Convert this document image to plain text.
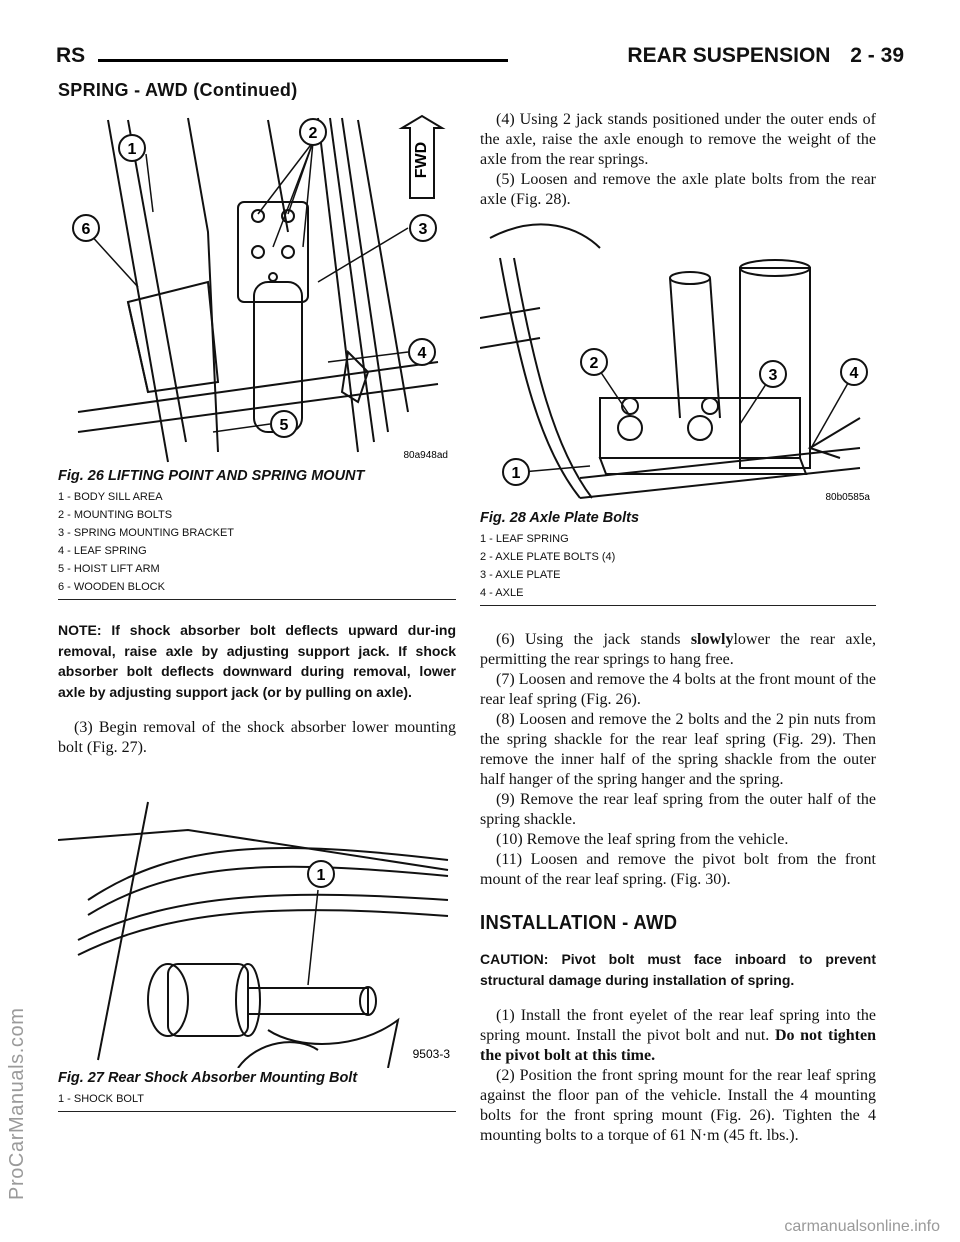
RS	REAR SUSPENSION 2 - 39
SPRING - AWD (Continued)
1
2
3
4
5
6
FWD
80a948ad
Fig. 26 LIFTING POINT AND SPRING MOUNT
1 - BODY SILL AREA
2 - MOUNTING BOLTS
3 - SPRING MOUNTING BRACKET
4 - LEAF SPRING
5 - HOIST LIFT ARM
6 - WOODEN BLOCK

NOTE: If shock absorber bolt deflects upward dur-ing removal, raise axle by adjusting support jack. If shock absorber bolt deflects downward during removal, lower axle by adjusting support jack (or by pulling on axle).

(3) Begin removal of the shock absorber lower mounting bolt (Fig. 27).

1
9503-3
Fig. 27 Rear Shock Absorber Mounting Bolt
1 - SHOCK BOLT

(4) Using 2 jack stands positioned under the outer ends of the axle, raise the axle enough to remove the weight of the axle from the rear springs.

(5) Loosen and remove the axle plate bolts from the rear axle (Fig. 28).

1
2
3	4
80b0585a
Fig. 28 Axle Plate Bolts
1 - LEAF SPRING
2 - AXLE PLATE BOLTS (4)
3 - AXLE PLATE
4 - AXLE

(6) Using the jack stands slowlylower the rear axle, permitting the rear springs to hang free.

(7) Loosen and remove the 4 bolts at the front mount of the rear leaf spring (Fig. 26).

(8) Loosen and remove the 2 bolts and the 2 pin nuts from the spring shackle for the rear leaf spring (Fig. 29). Then remove the inner half of the spring shackle from the outer half hanger of the spring hanger and the spring.

(9) Remove the rear leaf spring from the outer half of the spring shackle.

(10) Remove the leaf spring from the vehicle.

(11) Loosen and remove the pivot bolt from the front mount of the rear leaf spring. (Fig. 30).

INSTALLATION - AWD

CAUTION: Pivot bolt must face inboard to prevent structural damage during installation of spring.

(1) Install the front eyelet of the rear leaf spring into the spring mount. Install the pivot bolt and nut. Do not tighten the pivot bolt at this time.

(2) Position the front spring mount for the rear leaf spring against the floor pan of the vehicle. Install the 4 mounting bolts for the front spring mount (Fig. 26). Tighten the 4 mounting bolts to a torque of 61 N·m (45 ft. lbs.).

ProCarManuals.com
carmanualsonline.info
